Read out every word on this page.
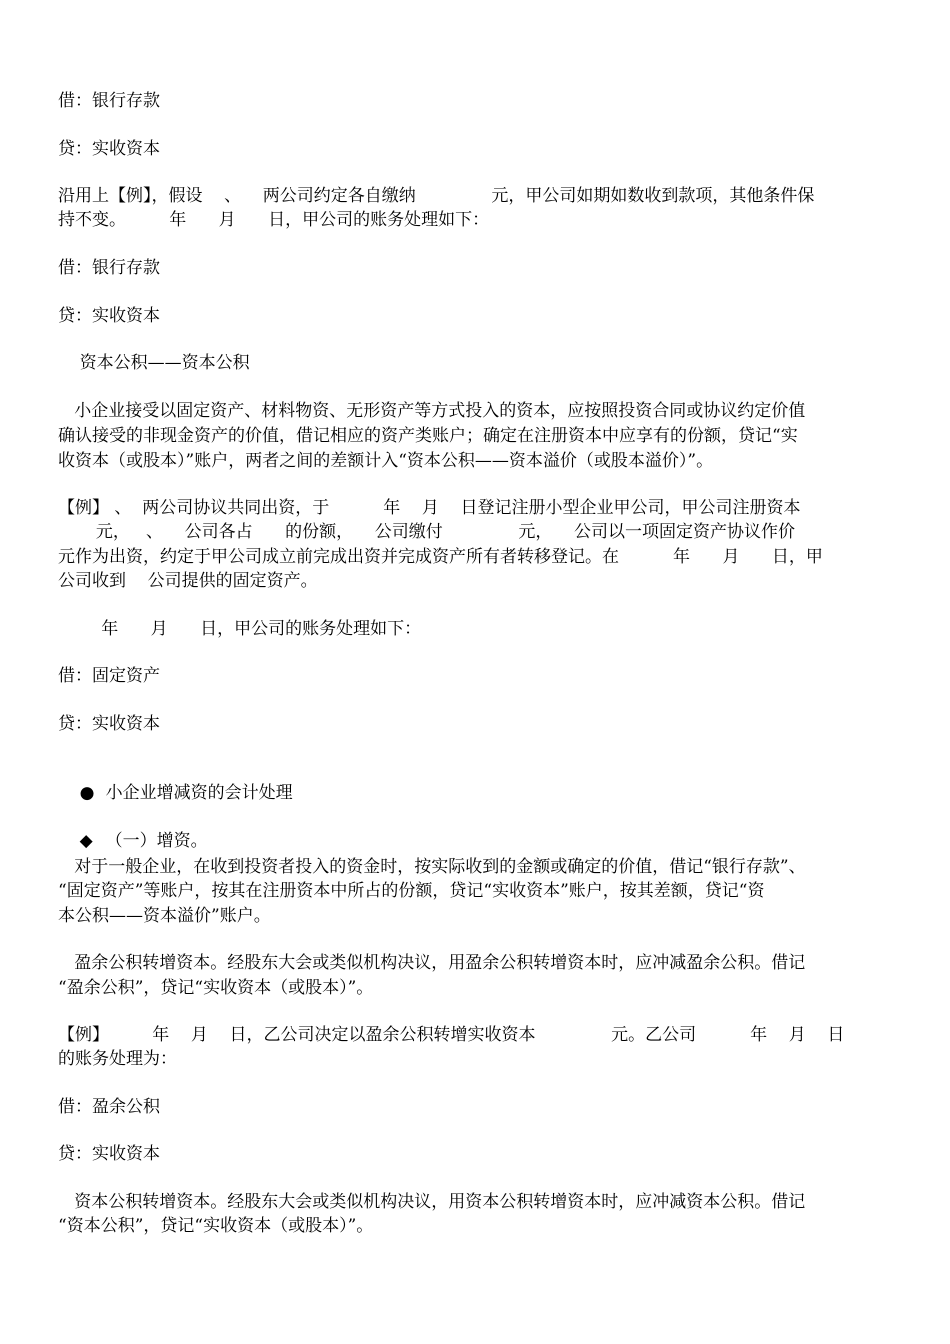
借：银行存款
贷：实收资本
沿用上【例】，假设    、    两公司约定各自缴纳              元，甲公司如期如数收到款项，其他条件保
持不变。        年      月      日，甲公司的账务处理如下：
借：银行存款
贷：实收资本
资本公积——资本公积
小企业接受以固定资产、材料物资、无形资产等方式投入的资本，应按照投资合同或协议约定价值
确认接受的非现金资产的价值，借记相应的资产类账户；确定在注册资本中应享有的份额，贷记“实
收资本（或股本）”账户，两者之间的差额计入“资本公积——资本溢价（或股本溢价）”。
【例】 、  两公司协议共同出资，于          年    月    日登记注册小型企业甲公司，甲公司注册资本
元，   、    公司各占      的份额，    公司缴付              元，    公司以一项固定资产协议作价
元作为出资，约定于甲公司成立前完成出资并完成资产所有者转移登记。在          年      月      日，甲
公司收到    公司提供的固定资产。
年      月      日，甲公司的账务处理如下：
借：固定资产
贷：实收资本

● 小企业增减资的会计处理

◆ （一）增资。

对于一般企业，在收到投资者投入的资金时，按实际收到的金额或确定的价值，借记“银行存款”、
“固定资产”等账户，按其在注册资本中所占的份额，贷记“实收资本”账户，按其差额，贷记“资
本公积——资本溢价”账户。
盈余公积转增资本。经股东大会或类似机构决议，用盈余公积转增资本时，应冲减盈余公积。借记
“盈余公积”，贷记“实收资本（或股本）”。
【例】        年    月    日，乙公司决定以盈余公积转增实收资本              元。乙公司          年    月    日
的账务处理为：
借：盈余公积
贷：实收资本
资本公积转增资本。经股东大会或类似机构决议，用资本公积转增资本时，应冲减资本公积。借记
“资本公积”，贷记“实收资本（或股本）”。
